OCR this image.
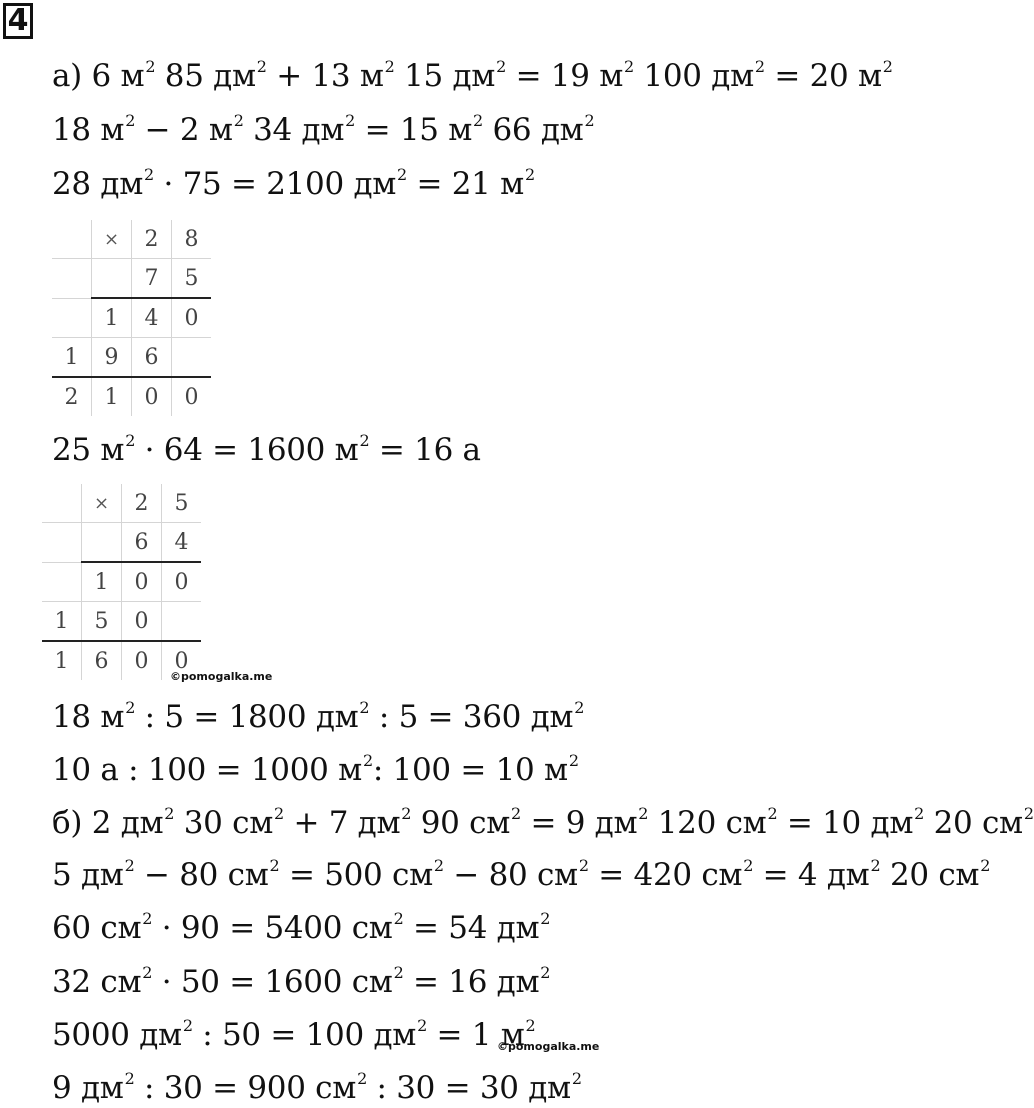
4
а) 6 $м^2$ 85 $дм^2 + 13$ $м^2$ 15 $дм^2 = 19$ $м^2$ 100 $дм^2 = 20$ $м^2$
18 $м^2 - 2$ $м^2$ 34 $дм^2 = 15$ $м^2$ 66 $дм^2$
28 $дм^2 \cdot 75 = 2100$ $дм^2 = 21$ $м^2$
	×	2	8
		7	5
	1	4	0
1	9	6	
2	1	0	0
25 $м^2 \cdot 64 = 1600$ $м^2 = 16$ а
	×	2	5
		6	4
	1	0	0
1	5	0	
1	6	0	0
©pomogalka.me
18 $м^2$ : 5 = 1800 $дм^2$ : 5 = 360 $дм^2$
10 а : 100 = 1000 $м^2$: 100 = 10 $м^2$
б) 2 $дм^2$ 30 $см^2 + 7$ $дм^2$ 90 $см^2 = 9$ $дм^2$ 120 $см^2 = 10$ $дм^2$ 20 $см^2$
5 $дм^2 - 80$ $см^2 = 500$ $см^2 - 80$ $см^2 = 420$ $см^2 = 4$ $дм^2$ 20 $см^2$
60 $см^2 \cdot 90 = 5400$ $см^2 = 54$ $дм^2$
32 $см^2 \cdot 50 = 1600$ $см^2 = 16$ $дм^2$
5000 $дм^2$ : 50 = 100 $дм^2 = 1$ $м^2$
9 $дм^2$ : 30 = 900 $см^2$ : 30 = 30 $дм^2$
©pomogalka.me
